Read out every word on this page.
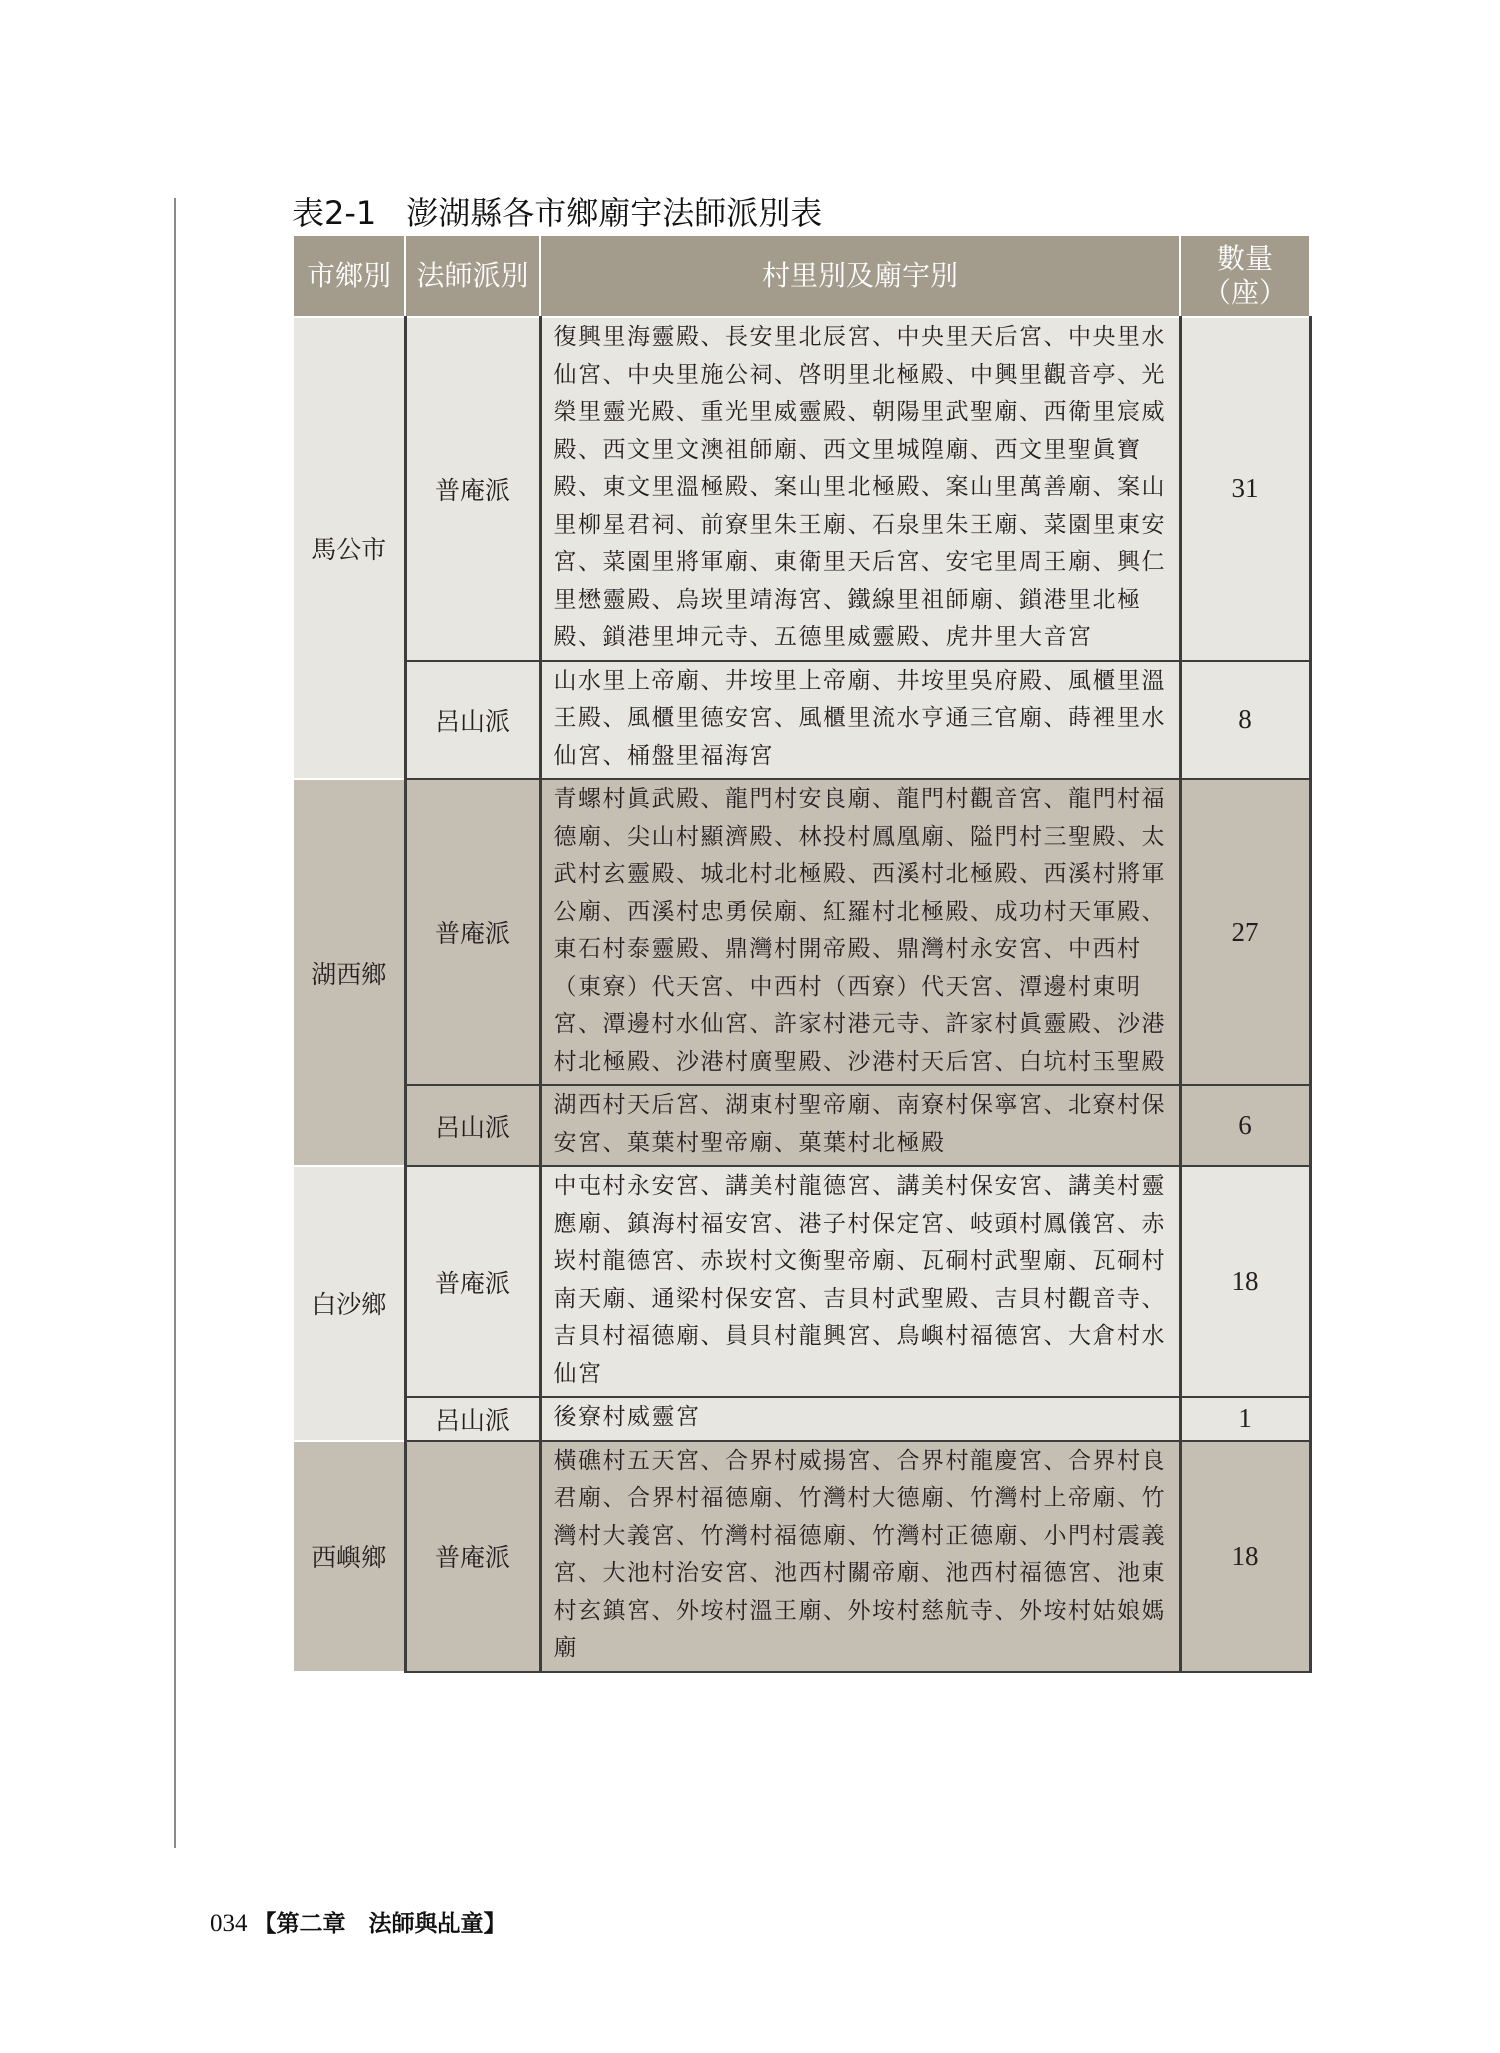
表2-1 澎湖縣各市鄉廟宇法師派別表
市鄉別	法師派別	村里別及廟宇別	數量（座）
馬公市	普庵派	復興里海靈殿、長安里北辰宮、中央里天后宮、中央里水仙宮、中央里施公祠、啓明里北極殿、中興里觀音亭、光榮里靈光殿、重光里威靈殿、朝陽里武聖廟、西衛里宸威殿、西文里文澳祖師廟、西文里城隍廟、西文里聖眞寶殿、東文里溫極殿、案山里北極殿、案山里萬善廟、案山里柳星君祠、前寮里朱王廟、石泉里朱王廟、菜園里東安宮、菜園里將軍廟、東衛里天后宮、安宅里周王廟、興仁里懋靈殿、烏崁里靖海宮、鐵線里祖師廟、鎖港里北極殿、鎖港里坤元寺、五德里威靈殿、虎井里大音宮	31
	呂山派	山水里上帝廟、井垵里上帝廟、井垵里吳府殿、風櫃里溫王殿、風櫃里德安宮、風櫃里流水亨通三官廟、蒔裡里水仙宮、桶盤里福海宮	8
湖西鄉	普庵派	青螺村眞武殿、龍門村安良廟、龍門村觀音宮、龍門村福德廟、尖山村顯濟殿、林投村鳳凰廟、隘門村三聖殿、太武村玄靈殿、城北村北極殿、西溪村北極殿、西溪村將軍公廟、西溪村忠勇侯廟、紅羅村北極殿、成功村天軍殿、東石村泰靈殿、鼎灣村開帝殿、鼎灣村永安宮、中西村（東寮）代天宮、中西村（西寮）代天宮、潭邊村東明宮、潭邊村水仙宮、許家村港元寺、許家村眞靈殿、沙港村北極殿、沙港村廣聖殿、沙港村天后宮、白坑村玉聖殿	27
	呂山派	湖西村天后宮、湖東村聖帝廟、南寮村保寧宮、北寮村保安宮、菓葉村聖帝廟、菓葉村北極殿	6
白沙鄉	普庵派	中屯村永安宮、講美村龍德宮、講美村保安宮、講美村靈應廟、鎮海村福安宮、港子村保定宮、岐頭村鳳儀宮、赤崁村龍德宮、赤崁村文衡聖帝廟、瓦硐村武聖廟、瓦硐村南天廟、通梁村保安宮、吉貝村武聖殿、吉貝村觀音寺、吉貝村福德廟、員貝村龍興宮、鳥嶼村福德宮、大倉村水仙宮	18
	呂山派	後寮村威靈宮	1
西嶼鄉	普庵派	橫礁村五天宮、合界村威揚宮、合界村龍慶宮、合界村良君廟、合界村福德廟、竹灣村大德廟、竹灣村上帝廟、竹灣村大義宮、竹灣村福德廟、竹灣村正德廟、小門村震義宮、大池村治安宮、池西村關帝廟、池西村福德宮、池東村玄鎮宮、外垵村溫王廟、外垵村慈航寺、外垵村姑娘媽廟	18
034 【第二章　法師與乩童】
